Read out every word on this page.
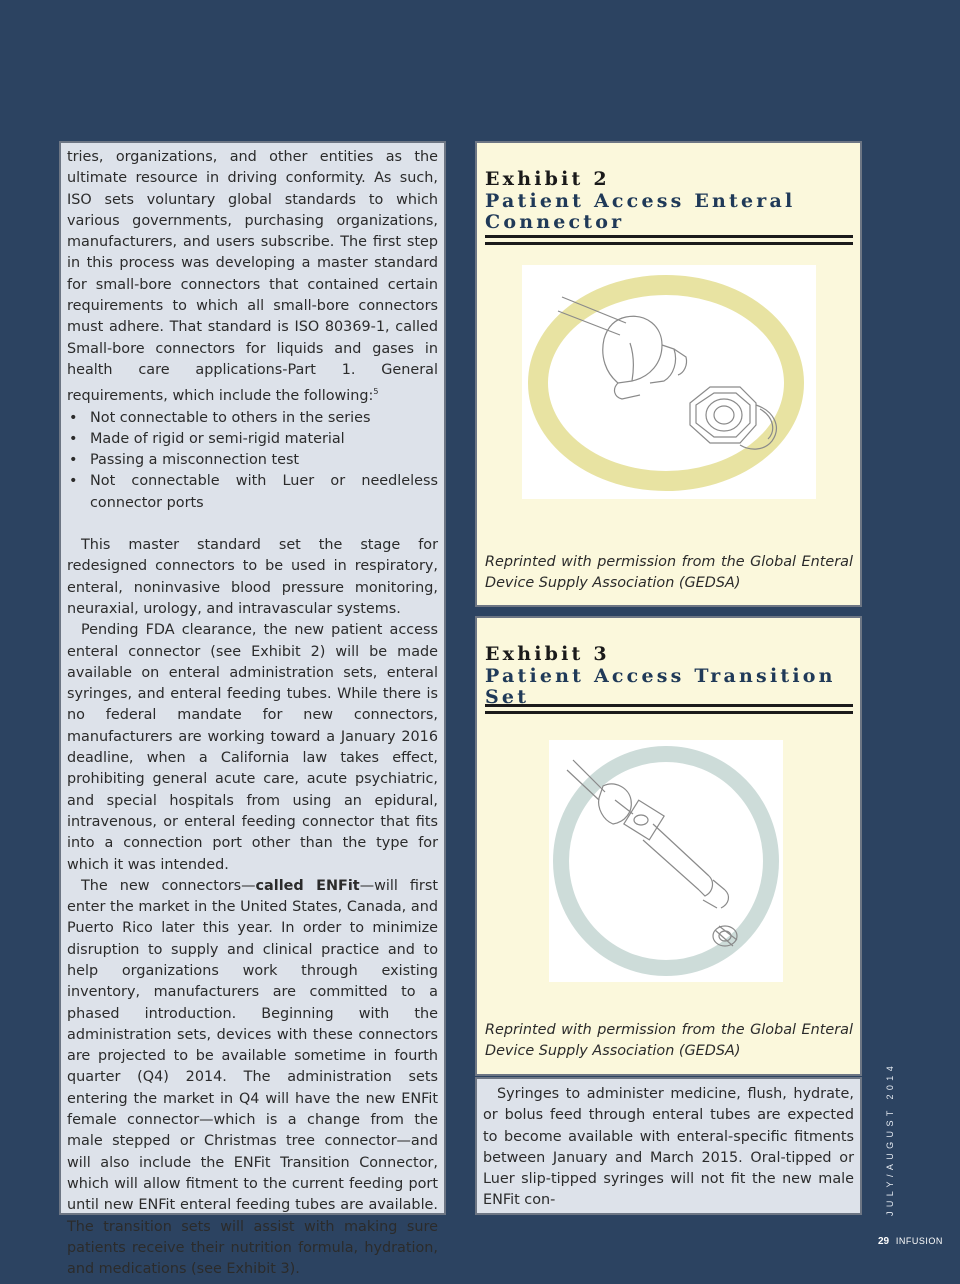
tries, organizations, and other entities as the ultimate resource in driving conformity. As such, ISO sets voluntary global standards to which various governments, purchasing organizations, manufacturers, and users subscribe. The first step in this process was developing a master standard for small-bore connectors that contained certain requirements to which all small-bore connectors must adhere. That standard is ISO 80369-1, called Small-bore connectors for liquids and gases in health care applications-Part 1. General requirements, which include the following:$^5$

• Not connectable to others in the series
• Made of rigid or semi-rigid material
• Passing a misconnection test
• Not connectable with Luer or needleless connector ports

This master standard set the stage for redesigned connectors to be used in respiratory, enteral, noninvasive blood pressure monitoring, neuraxial, urology, and intravascular systems.

Pending FDA clearance, the new patient access enteral connector (see Exhibit 2) will be made available on enteral administration sets, enteral syringes, and enteral feeding tubes. While there is no federal mandate for new connectors, manufacturers are working toward a January 2016 deadline, when a California law takes effect, prohibiting general acute care, acute psychiatric, and special hospitals from using an epidural, intravenous, or enteral feeding connector that fits into a connection port other than the type for which it was intended.

The new connectors—called ENFit—will first enter the market in the United States, Canada, and Puerto Rico later this year. In order to minimize disruption to supply and clinical practice and to help organizations work through existing inventory, manufacturers are committed to a phased introduction. Beginning with the administration sets, devices with these connectors are projected to be available sometime in fourth quarter (Q4) 2014. The administration sets entering the market in Q4 will have the new ENFit female connector—which is a change from the male stepped or Christmas tree connector—and will also include the ENFit Transition Connector, which will allow fitment to the current feeding port until new ENFit enteral feeding tubes are available. The transition sets will assist with making sure patients receive their nutrition formula, hydration, and medications (see Exhibit 3).

Exhibit 2
Patient Access Enteral Connector

Reprinted with permission from the Global Enteral Device Supply Association (GEDSA)

Exhibit 3
Patient Access Transition Set

Reprinted with permission from the Global Enteral Device Supply Association (GEDSA)

Syringes to administer medicine, flush, hydrate, or bolus feed through enteral tubes are expected to become available with enteral-specific fitments between January and March 2015. Oral-tipped or Luer slip-tipped syringes will not fit the new male ENFit con-	JULY/AUGUST 2014
29 INFUSION
